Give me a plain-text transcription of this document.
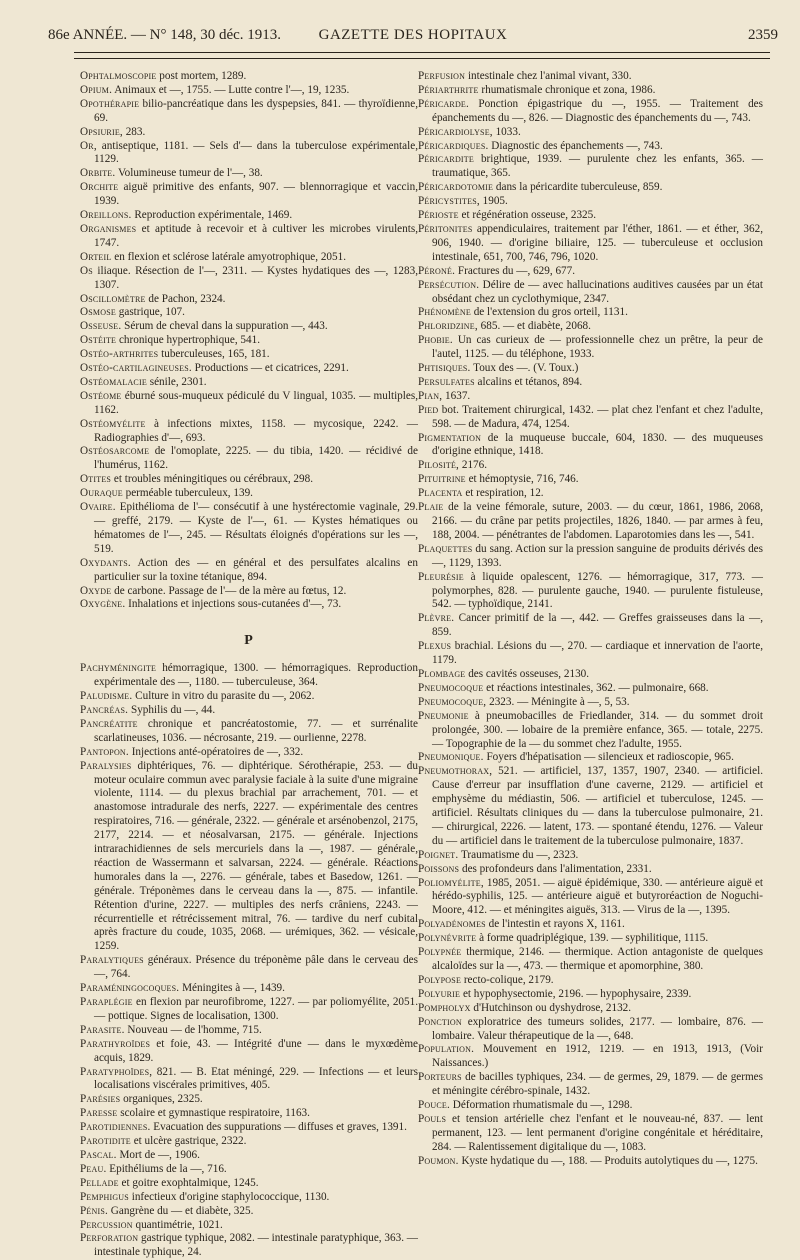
86e ANNÉE. — N° 148, 30 déc. 1913.	GAZETTE DES HOPITAUX	2359

Ophtalmoscopie post mortem, 1289.

Opium. Animaux et —, 1755. — Lutte contre l'—, 19, 1235.

Opothérapie bilio-pancréatique dans les dyspepsies, 841. — thyroïdienne, 69.

Opsiurie, 283.

Or, antiseptique, 1181. — Sels d'— dans la tuberculose expérimentale, 1129.

Orbite. Volumineuse tumeur de l'—, 38.

Orchite aiguë primitive des enfants, 907. — blennorragique et vaccin, 1939.

Oreillons. Reproduction expérimentale, 1469.

Organismes et aptitude à recevoir et à cultiver les microbes virulents, 1747.

Orteil en flexion et sclérose latérale amyotrophique, 2051.

Os iliaque. Résection de l'—, 2311. — Kystes hydatiques des —, 1283, 1307.

Oscillomètre de Pachon, 2324.

Osmose gastrique, 107.

Osseuse. Sérum de cheval dans la suppuration —, 443.

Ostéite chronique hypertrophique, 541.

Ostéo-arthrites tuberculeuses, 165, 181.

Ostéo-cartilagineuses. Productions — et cicatrices, 2291.

Ostéomalacie sénile, 2301.

Ostéome éburné sous-muqueux pédiculé du V lingual, 1035. — multiples, 1162.

Ostéomyélite à infections mixtes, 1158. — mycosique, 2242. — Radiographies d'—, 693.

Ostéosarcome de l'omoplate, 2225. — du tibia, 1420. — récidivé de l'humérus, 1162.

Otites et troubles méningitiques ou cérébraux, 298.

Ouraque perméable tuberculeux, 139.

Ovaire. Epithélioma de l'— consécutif à une hystérectomie vaginale, 29. — greffé, 2179. — Kyste de l'—, 61. — Kystes hématiques ou hématomes de l'—, 245. — Résultats éloignés d'opérations sur les —, 519.

Oxydants. Action des — en général et des persulfates alcalins en particulier sur la toxine tétanique, 894.

Oxyde de carbone. Passage de l'— de la mère au fœtus, 12.

Oxygène. Inhalations et injections sous-cutanées d'—, 73.

P

Pachyméningite hémorragique, 1300. — hémorragiques. Reproduction expérimentale des —, 1180. — tuberculeuse, 364.

Paludisme. Culture in vitro du parasite du —, 2062.

Pancréas. Syphilis du —, 44.

Pancréatite chronique et pancréatostomie, 77. — et surrénalite scarlatineuses, 1036. — nécrosante, 219. — ourlienne, 2278.

Pantopon. Injections anté-opératoires de —, 332.

Paralysies diphtériques, 76. — diphtérique. Sérothérapie, 253. — du moteur oculaire commun avec paralysie faciale à la suite d'une migraine violente, 1114. — du plexus brachial par arrachement, 701. — et anastomose intradurale des nerfs, 2227. — expérimentale des centres respiratoires, 716. — générale, 2322. — générale et arsénobenzol, 2175, 2177, 2214. — et néosalvarsan, 2175. — générale. Injections intrarachidiennes de sels mercuriels dans la —, 1987. — générale, réaction de Wassermann et salvarsan, 2224. — générale. Réactions humorales dans la —, 2276. — générale, tabes et Basedow, 1261. — générale. Tréponèmes dans le cerveau dans la —, 875. — infantile. Rétention d'urine, 2227. — multiples des nerfs crâniens, 2243. — récurrentielle et rétrécissement mitral, 76. — tardive du nerf cubital après fracture du coude, 1035, 2068. — urémiques, 362. — vésicale, 1259.

Paralytiques généraux. Présence du tréponème pâle dans le cerveau des —, 764.

Paraméningocoques. Méningites à —, 1439.

Paraplégie en flexion par neurofibrome, 1227. — par poliomyélite, 2051. — pottique. Signes de localisation, 1300.

Parasite. Nouveau — de l'homme, 715.

Parathyroïdes et foie, 43. — Intégrité d'une — dans le myxœdème acquis, 1829.

Paratyphoïdes, 821. — B. Etat méningé, 229. — Infections — et leurs localisations viscérales primitives, 405.

Parésies organiques, 2325.

Paresse scolaire et gymnastique respiratoire, 1163.

Parotidiennes. Evacuation des suppurations — diffuses et graves, 1391.

Parotidite et ulcère gastrique, 2322.

Pascal. Mort de —, 1906.

Peau. Epithéliums de la —, 716.

Pellade et goitre exophtalmique, 1245.

Pemphigus infectieux d'origine staphylococcique, 1130.

Pénis. Gangrène du — et diabète, 325.

Percussion quantimétrie, 1021.

Perforation gastrique typhique, 2082. — intestinale paratyphique, 363. — intestinale typhique, 24.

Perfusion intestinale chez l'animal vivant, 330.

Périarthrite rhumatismale chronique et zona, 1986.

Péricarde. Ponction épigastrique du —, 1955. — Traitement des épanchements du —, 826. — Diagnostic des épanchements du —, 743.

Péricardiolyse, 1033.

Péricardiques. Diagnostic des épanchements —, 743.

Péricardite brightique, 1939. — purulente chez les enfants, 365. — traumatique, 365.

Péricardotomie dans la péricardite tuberculeuse, 859.

Péricystites, 1905.

Périoste et régénération osseuse, 2325.

Péritonites appendiculaires, traitement par l'éther, 1861. — et éther, 362, 906, 1940. — d'origine biliaire, 125. — tuberculeuse et occlusion intestinale, 651, 700, 746, 796, 1020.

Péroné. Fractures du —, 629, 677.

Persécution. Délire de — avec hallucinations auditives causées par un état obsédant chez un cyclothymique, 2347.

Phénomène de l'extension du gros orteil, 1131.

Phloridzine, 685. — et diabète, 2068.

Phobie. Un cas curieux de — professionnelle chez un prêtre, la peur de l'autel, 1125. — du téléphone, 1933.

Phtisiques. Toux des —. (V. Toux.)

Persulfates alcalins et tétanos, 894.

Pian, 1637.

Pied bot. Traitement chirurgical, 1432. — plat chez l'enfant et chez l'adulte, 598. — de Madura, 474, 1254.

Pigmentation de la muqueuse buccale, 604, 1830. — des muqueuses d'origine ethnique, 1418.

Pilosité, 2176.

Pituitrine et hémoptysie, 716, 746.

Placenta et respiration, 12.

Plaie de la veine fémorale, suture, 2003. — du cœur, 1861, 1986, 2068, 2166. — du crâne par petits projectiles, 1826, 1840. — par armes à feu, 188, 2004. — pénétrantes de l'abdomen. Laparotomies dans les —, 541.

Plaquettes du sang. Action sur la pression sanguine de produits dérivés des —, 1129, 1393.

Pleurésie à liquide opalescent, 1276. — hémorragique, 317, 773. — polymorphes, 828. — purulente gauche, 1940. — purulente fistuleuse, 542. — typhoïdique, 2141.

Plèvre. Cancer primitif de la —, 442. — Greffes graisseuses dans la —, 859.

Plexus brachial. Lésions du —, 270. — cardiaque et innervation de l'aorte, 1179.

Plombage des cavités osseuses, 2130.

Pneumocoque et réactions intestinales, 362. — pulmonaire, 668.

Pneumocoque, 2323. — Méningite à —, 5, 53.

Pneumonie à pneumobacilles de Friedlander, 314. — du sommet droit prolongée, 300. — lobaire de la première enfance, 365. — totale, 2275. — Topographie de la — du sommet chez l'adulte, 1955.

Pneumonique. Foyers d'hépatisation — silencieux et radioscopie, 965.

Pneumothorax, 521. — artificiel, 137, 1357, 1907, 2340. — artificiel. Cause d'erreur par insufflation d'une caverne, 2129. — artificiel et emphysème du médiastin, 506. — artificiel et tuberculose, 1245. — artificiel. Résultats cliniques du — dans la tuberculose pulmonaire, 21. — chirurgical, 2226. — latent, 173. — spontané étendu, 1276. — Valeur du — artificiel dans le traitement de la tuberculose pulmonaire, 1837.

Poignet. Traumatisme du —, 2323.

Poissons des profondeurs dans l'alimentation, 2331.

Poliomyélite, 1985, 2051. — aiguë épidémique, 330. — antérieure aiguë et hérédo-syphilis, 125. — antérieure aiguë et butyroréaction de Noguchi-Moore, 412. — et méningites aiguës, 313. — Virus de la —, 1395.

Polyadénomes de l'intestin et rayons X, 1161.

Polynévrite à forme quadriplégique, 139. — syphilitique, 1115.

Polypnée thermique, 2146. — thermique. Action antagoniste de quelques alcaloïdes sur la —, 473. — thermique et apomorphine, 380.

Polypose recto-colique, 2179.

Polyurie et hypophysectomie, 2196. — hypophysaire, 2339.

Pompholyx d'Hutchinson ou dyshydrose, 2132.

Ponction exploratrice des tumeurs solides, 2177. — lombaire, 876. — lombaire. Valeur thérapeutique de la —, 648.

Population. Mouvement en 1912, 1219. — en 1913, 1913, (Voir Naissances.)

Porteurs de bacilles typhiques, 234. — de germes, 29, 1879. — de germes et méningite cérébro-spinale, 1432.

Pouce. Déformation rhumatismale du —, 1298.

Pouls et tension artérielle chez l'enfant et le nouveau-né, 837. — lent permanent, 123. — lent permanent d'origine congénitale et héréditaire, 284. — Ralentissement digitalique du —, 1083.

Poumon. Kyste hydatique du —, 188. — Produits autolytiques du —, 1275.
